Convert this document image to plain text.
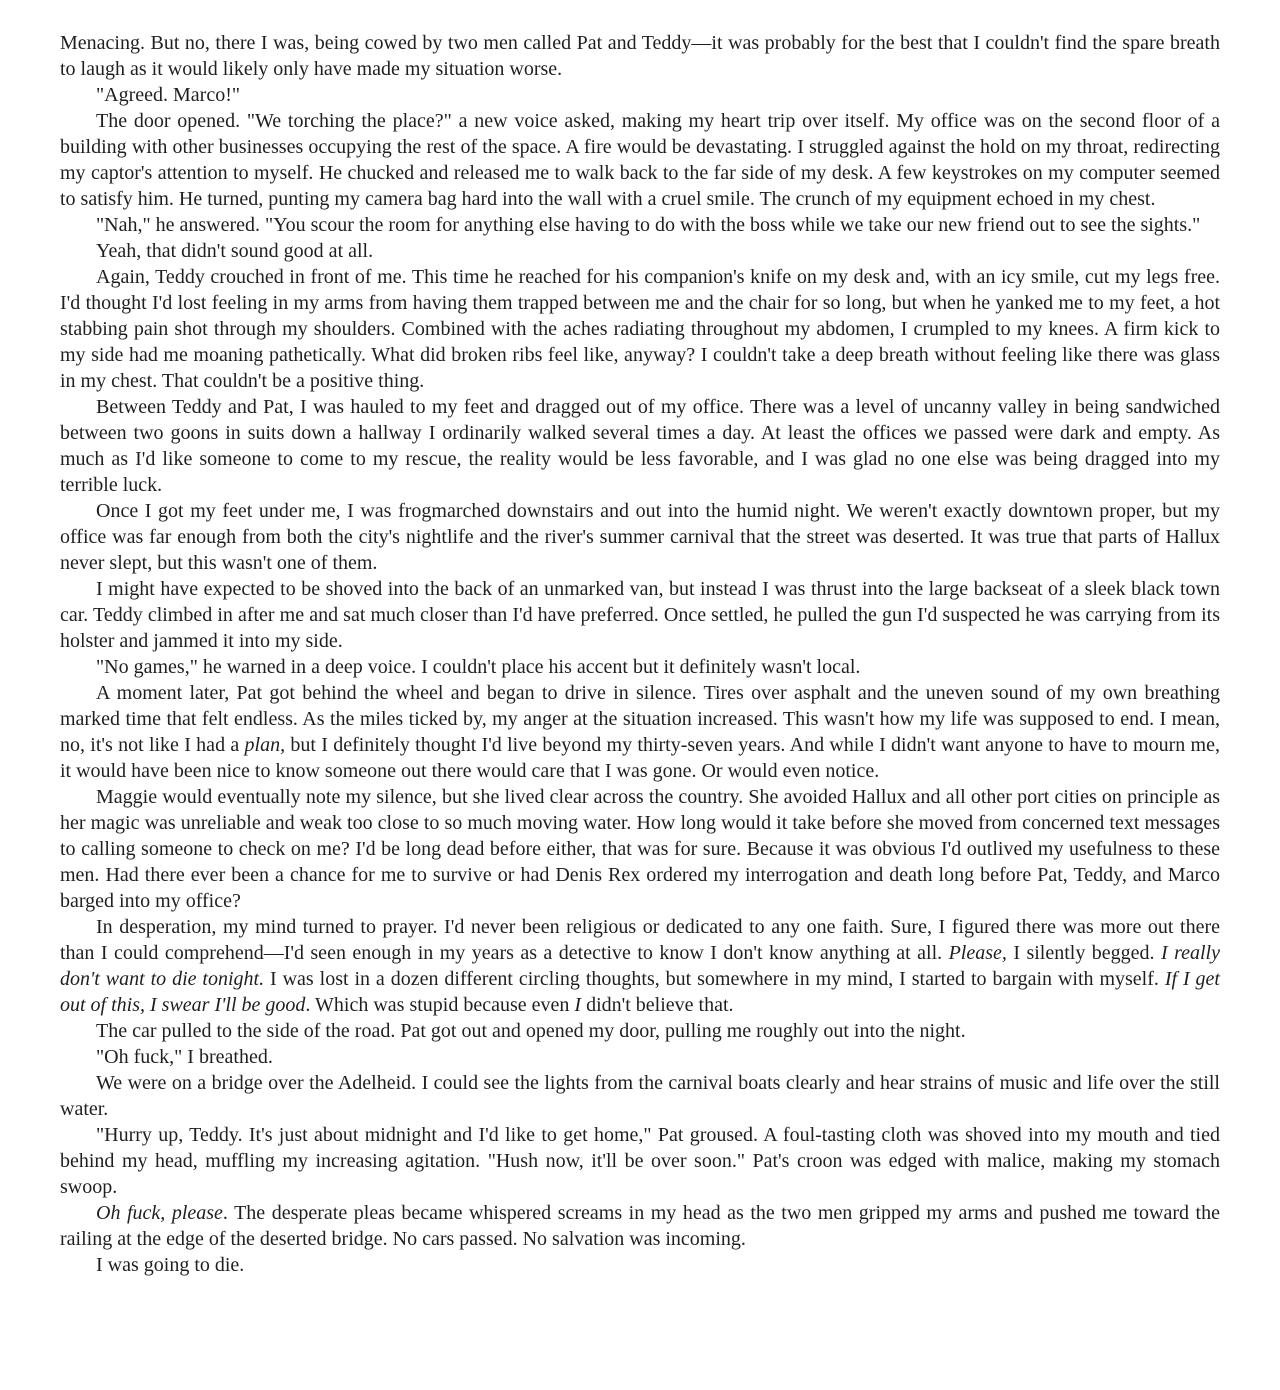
Menacing. But no, there I was, being cowed by two men called Pat and Teddy—it was probably for the best that I couldn't find the spare breath to laugh as it would likely only have made my situation worse.

"Agreed. Marco!"

The door opened. "We torching the place?" a new voice asked, making my heart trip over itself. My office was on the second floor of a building with other businesses occupying the rest of the space. A fire would be devastating. I struggled against the hold on my throat, redirecting my captor's attention to myself. He chucked and released me to walk back to the far side of my desk. A few keystrokes on my computer seemed to satisfy him. He turned, punting my camera bag hard into the wall with a cruel smile. The crunch of my equipment echoed in my chest.

"Nah," he answered. "You scour the room for anything else having to do with the boss while we take our new friend out to see the sights."

Yeah, that didn't sound good at all.

Again, Teddy crouched in front of me. This time he reached for his companion's knife on my desk and, with an icy smile, cut my legs free. I'd thought I'd lost feeling in my arms from having them trapped between me and the chair for so long, but when he yanked me to my feet, a hot stabbing pain shot through my shoulders. Combined with the aches radiating throughout my abdomen, I crumpled to my knees. A firm kick to my side had me moaning pathetically. What did broken ribs feel like, anyway? I couldn't take a deep breath without feeling like there was glass in my chest. That couldn't be a positive thing.

Between Teddy and Pat, I was hauled to my feet and dragged out of my office. There was a level of uncanny valley in being sandwiched between two goons in suits down a hallway I ordinarily walked several times a day. At least the offices we passed were dark and empty. As much as I'd like someone to come to my rescue, the reality would be less favorable, and I was glad no one else was being dragged into my terrible luck.

Once I got my feet under me, I was frogmarched downstairs and out into the humid night. We weren't exactly downtown proper, but my office was far enough from both the city's nightlife and the river's summer carnival that the street was deserted. It was true that parts of Hallux never slept, but this wasn't one of them.

I might have expected to be shoved into the back of an unmarked van, but instead I was thrust into the large backseat of a sleek black town car. Teddy climbed in after me and sat much closer than I'd have preferred. Once settled, he pulled the gun I'd suspected he was carrying from its holster and jammed it into my side.

"No games," he warned in a deep voice. I couldn't place his accent but it definitely wasn't local.

A moment later, Pat got behind the wheel and began to drive in silence. Tires over asphalt and the uneven sound of my own breathing marked time that felt endless. As the miles ticked by, my anger at the situation increased. This wasn't how my life was supposed to end. I mean, no, it's not like I had a plan, but I definitely thought I'd live beyond my thirty-seven years. And while I didn't want anyone to have to mourn me, it would have been nice to know someone out there would care that I was gone. Or would even notice.

Maggie would eventually note my silence, but she lived clear across the country. She avoided Hallux and all other port cities on principle as her magic was unreliable and weak too close to so much moving water. How long would it take before she moved from concerned text messages to calling someone to check on me? I'd be long dead before either, that was for sure. Because it was obvious I'd outlived my usefulness to these men. Had there ever been a chance for me to survive or had Denis Rex ordered my interrogation and death long before Pat, Teddy, and Marco barged into my office?

In desperation, my mind turned to prayer. I'd never been religious or dedicated to any one faith. Sure, I figured there was more out there than I could comprehend—I'd seen enough in my years as a detective to know I don't know anything at all. Please, I silently begged. I really don't want to die tonight. I was lost in a dozen different circling thoughts, but somewhere in my mind, I started to bargain with myself. If I get out of this, I swear I'll be good. Which was stupid because even I didn't believe that.

The car pulled to the side of the road. Pat got out and opened my door, pulling me roughly out into the night.

"Oh fuck," I breathed.

We were on a bridge over the Adelheid. I could see the lights from the carnival boats clearly and hear strains of music and life over the still water.

"Hurry up, Teddy. It's just about midnight and I'd like to get home," Pat groused. A foul-tasting cloth was shoved into my mouth and tied behind my head, muffling my increasing agitation. "Hush now, it'll be over soon." Pat's croon was edged with malice, making my stomach swoop.

Oh fuck, please. The desperate pleas became whispered screams in my head as the two men gripped my arms and pushed me toward the railing at the edge of the deserted bridge. No cars passed. No salvation was incoming.

I was going to die.
